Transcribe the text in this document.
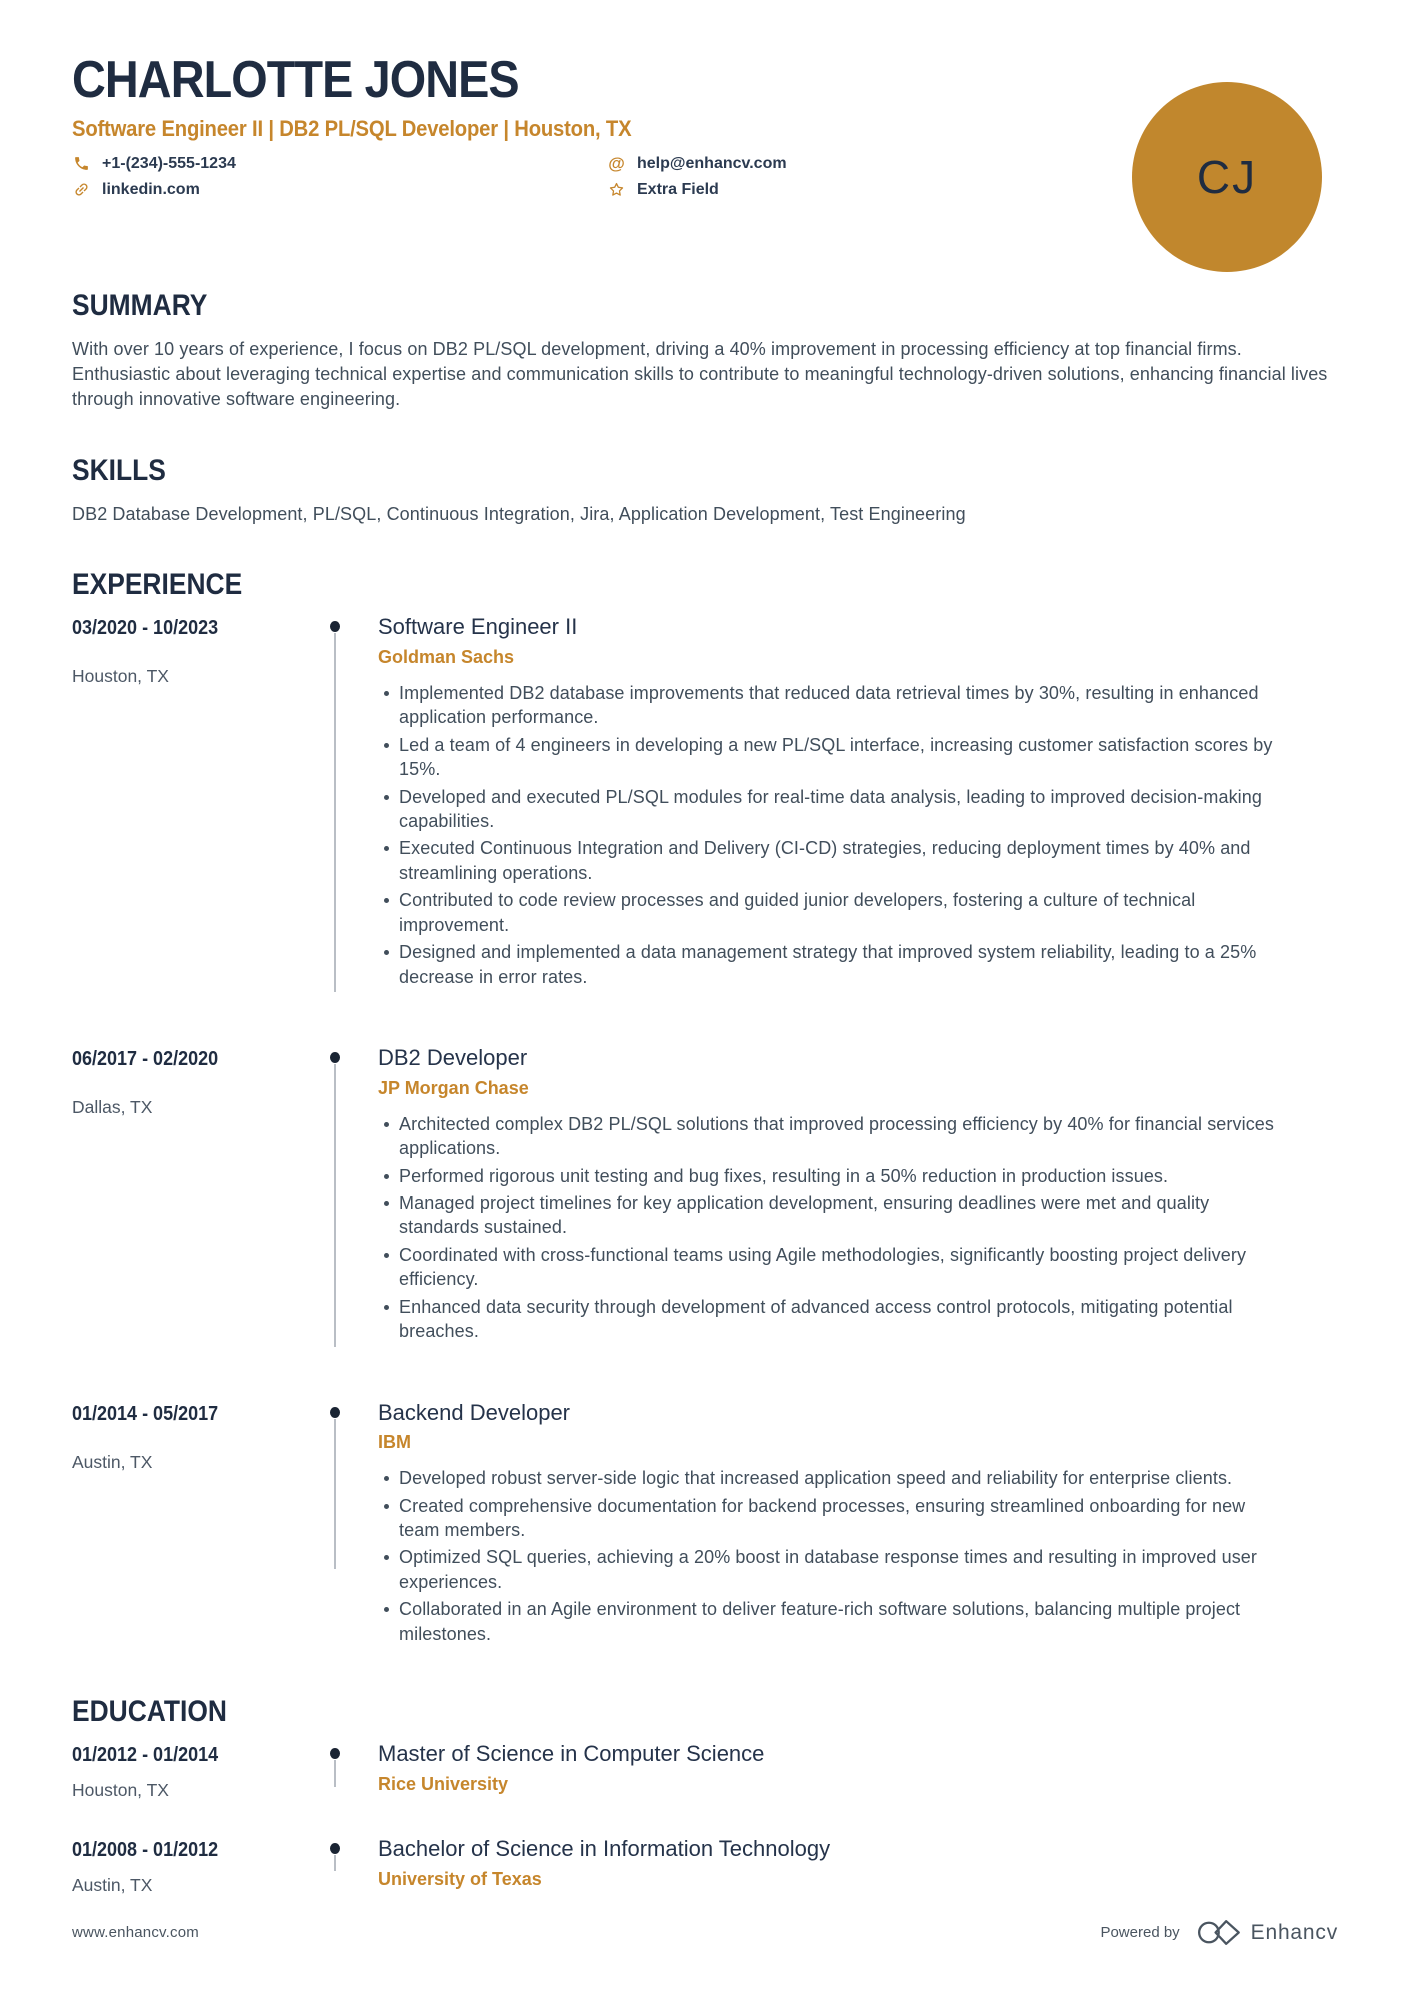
CHARLOTTE JONES
Software Engineer II | DB2 PL/SQL Developer | Houston, TX
+1-(234)-555-1234	@ help@enhancv.com
linkedin.com	Extra Field	CJ
SUMMARY

With over 10 years of experience, I focus on DB2 PL/SQL development, driving a 40% improvement in processing efficiency at top financial firms. Enthusiastic about leveraging technical expertise and communication skills to contribute to meaningful technology-driven solutions, enhancing financial lives through innovative software engineering.

SKILLS

DB2 Database Development, PL/SQL, Continuous Integration, Jira, Application Development, Test Engineering

EXPERIENCE
03/2020 - 10/2023
Houston, TX
Software Engineer II
Goldman Sachs
Implemented DB2 database improvements that reduced data retrieval times by 30%, resulting in enhanced application performance.
Led a team of 4 engineers in developing a new PL/SQL interface, increasing customer satisfaction scores by 15%.
Developed and executed PL/SQL modules for real-time data analysis, leading to improved decision-making capabilities.
Executed Continuous Integration and Delivery (CI-CD) strategies, reducing deployment times by 40% and streamlining operations.
Contributed to code review processes and guided junior developers, fostering a culture of technical improvement.
Designed and implemented a data management strategy that improved system reliability, leading to a 25% decrease in error rates.
06/2017 - 02/2020
Dallas, TX
DB2 Developer
JP Morgan Chase
Architected complex DB2 PL/SQL solutions that improved processing efficiency by 40% for financial services applications.
Performed rigorous unit testing and bug fixes, resulting in a 50% reduction in production issues.
Managed project timelines for key application development, ensuring deadlines were met and quality standards sustained.
Coordinated with cross-functional teams using Agile methodologies, significantly boosting project delivery efficiency.
Enhanced data security through development of advanced access control protocols, mitigating potential breaches.
01/2014 - 05/2017
Austin, TX
Backend Developer
IBM
Developed robust server-side logic that increased application speed and reliability for enterprise clients.
Created comprehensive documentation for backend processes, ensuring streamlined onboarding for new team members.
Optimized SQL queries, achieving a 20% boost in database response times and resulting in improved user experiences.
Collaborated in an Agile environment to deliver feature-rich software solutions, balancing multiple project milestones.
EDUCATION
01/2012 - 01/2014
Houston, TX
Master of Science in Computer Science
Rice University
01/2008 - 01/2012
Austin, TX
Bachelor of Science in Information Technology
University of Texas
www.enhancv.com	Powered by	Enhancv
